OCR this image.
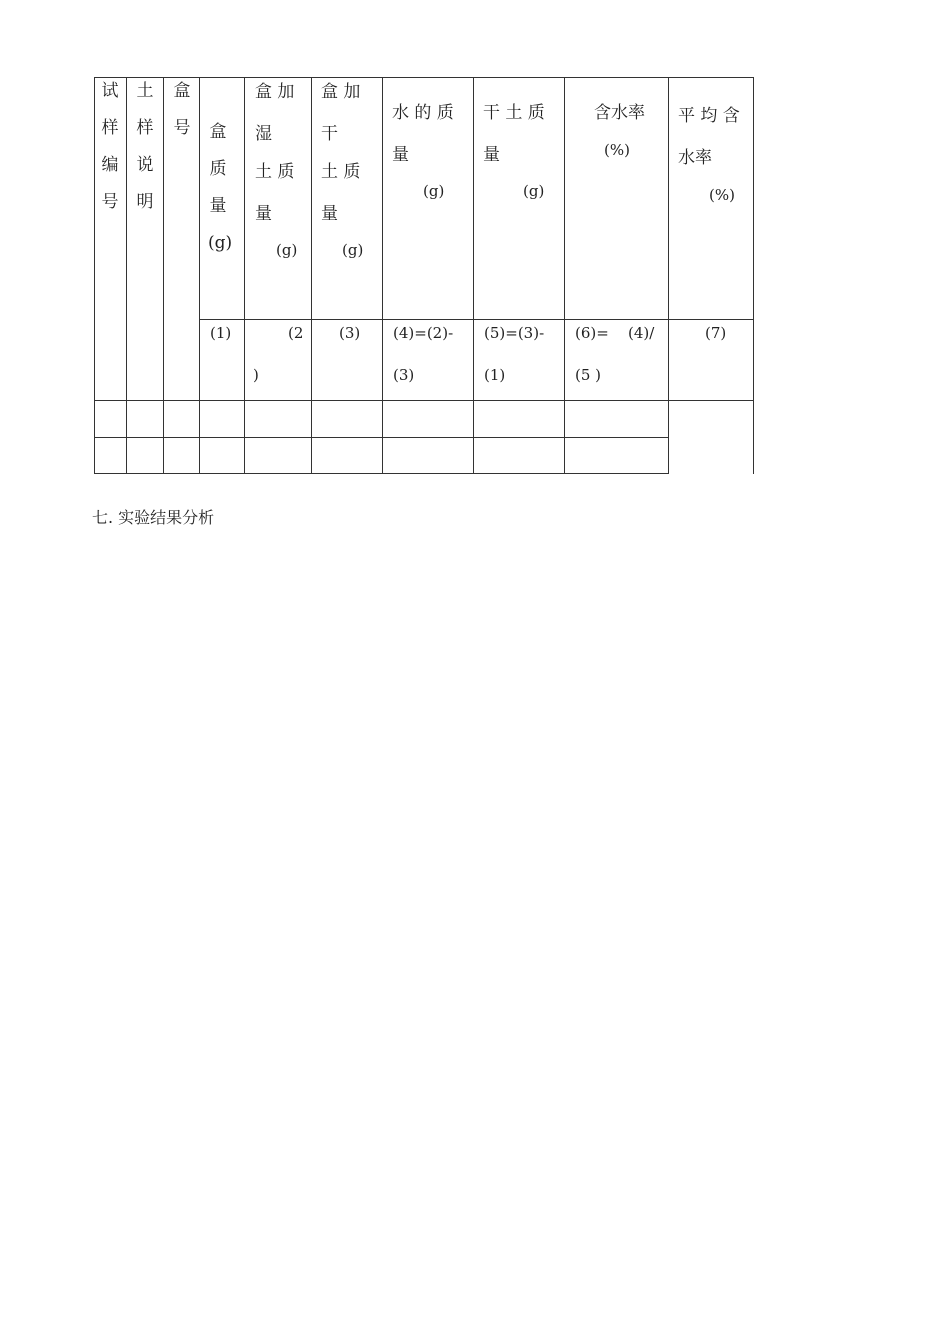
试样编号
土样说明
盒号 盒质量(g)
(1)
盒 加
湿
土 质
量
(g)
(2
)
盒 加
干
土 质
量
(g)
(3)
水 的 质
量
(g)
(4)=(2)-
(3)
干 土 质
量
(g)
(5)=(3)-
(1)
含水率
(%)
(6)= (4)/
(5 )
平 均 含
水率
(%)
(7)
七. 实验结果分析
